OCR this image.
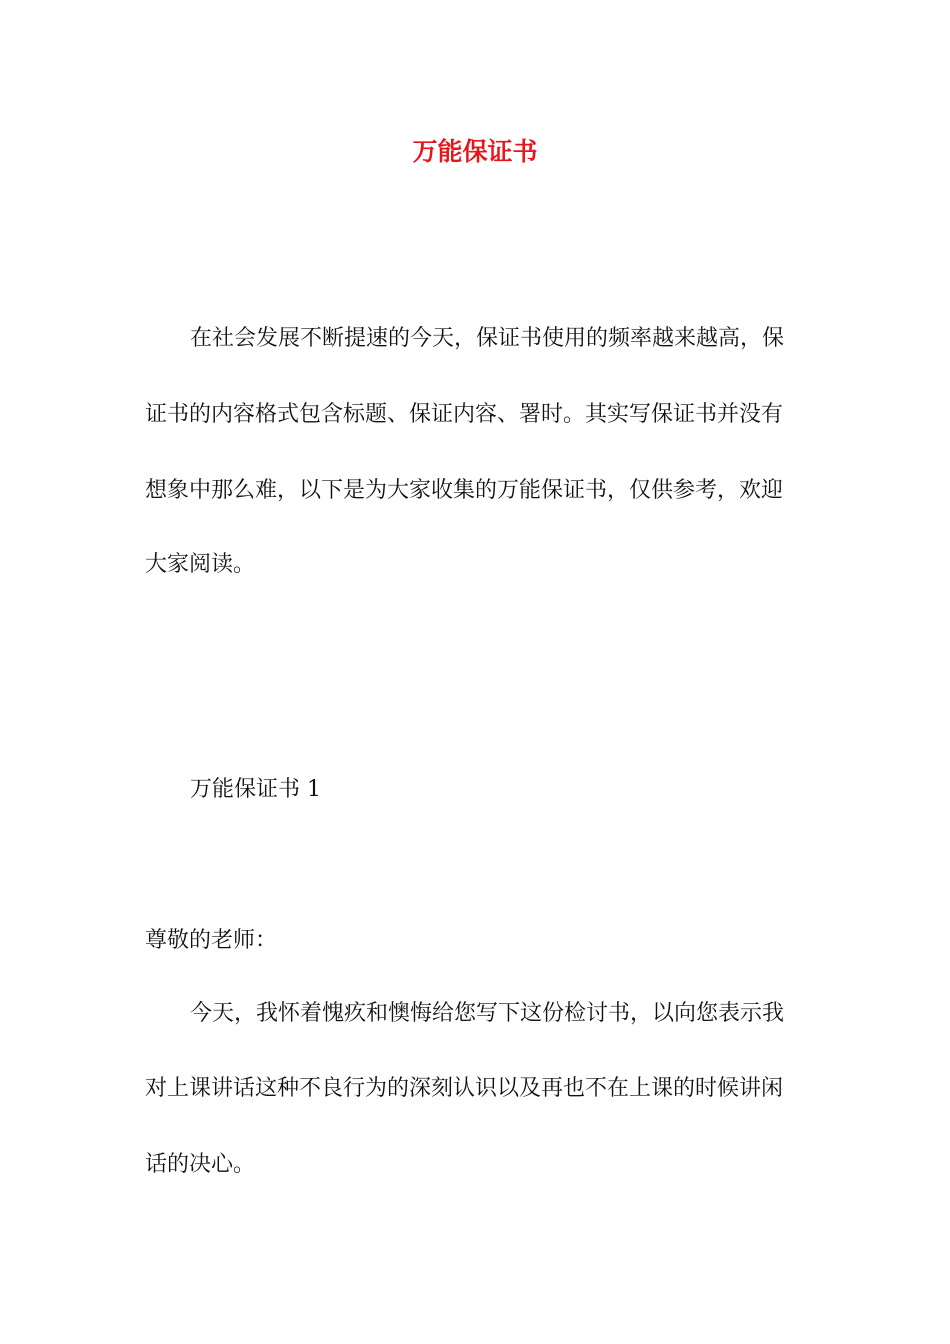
万能保证书

在社会发展不断提速的今天，保证书使用的频率越来越高，保

证书的内容格式包含标题、保证内容、署时。其实写保证书并没有

想象中那么难，以下是为大家收集的万能保证书，仅供参考，欢迎

大家阅读。

万能保证书 1

尊敬的老师：

今天，我怀着愧疚和懊悔给您写下这份检讨书，以向您表示我

对上课讲话这种不良行为的深刻认识以及再也不在上课的时候讲闲

话的决心。
